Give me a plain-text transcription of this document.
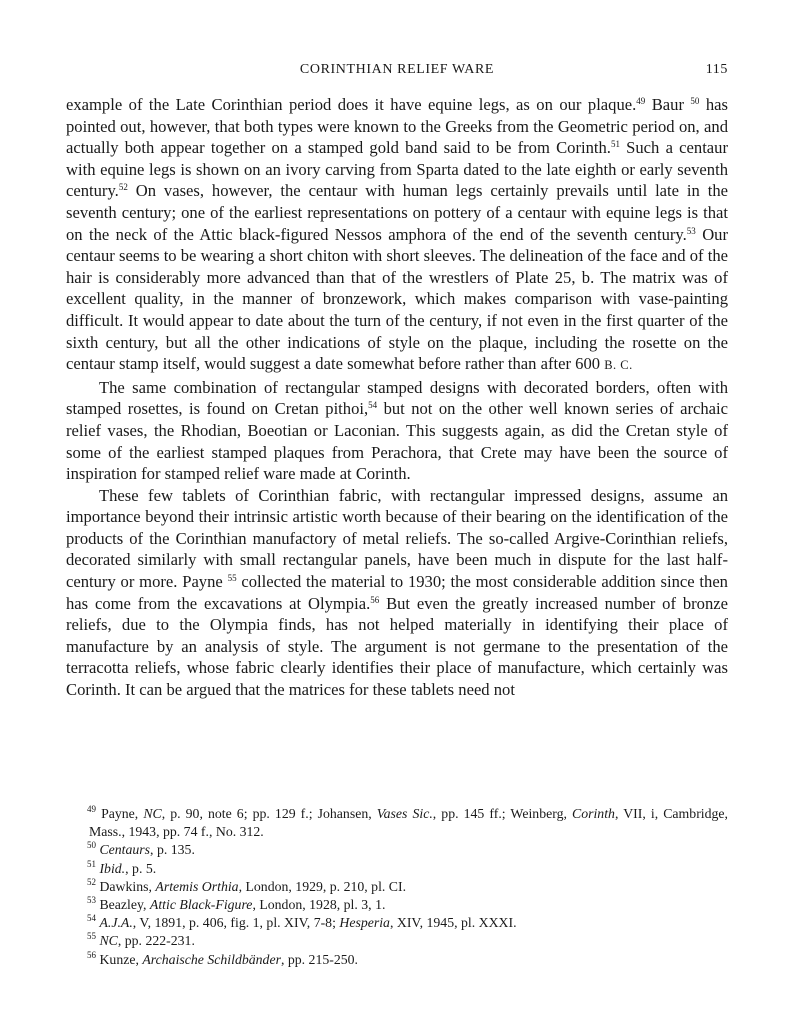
CORINTHIAN RELIEF WARE	115

example of the Late Corinthian period does it have equine legs, as on our plaque.$^{49}$ Baur $^{50}$ has pointed out, however, that both types were known to the Greeks from the Geometric period on, and actually both appear together on a stamped gold band said to be from Corinth.$^{51}$ Such a centaur with equine legs is shown on an ivory carving from Sparta dated to the late eighth or early seventh century.$^{52}$ On vases, however, the centaur with human legs certainly prevails until late in the seventh century; one of the earliest representations on pottery of a centaur with equine legs is that on the neck of the Attic black-figured Nessos amphora of the end of the seventh century.$^{53}$ Our centaur seems to be wearing a short chiton with short sleeves. The delineation of the face and of the hair is considerably more advanced than that of the wrestlers of Plate 25, b. The matrix was of excellent quality, in the manner of bronzework, which makes comparison with vase-painting difficult. It would appear to date about the turn of the century, if not even in the first quarter of the sixth century, but all the other indications of style on the plaque, including the rosette on the centaur stamp itself, would suggest a date somewhat before rather than after 600 B. C.

The same combination of rectangular stamped designs with decorated borders, often with stamped rosettes, is found on Cretan pithoi,$^{54}$ but not on the other well known series of archaic relief vases, the Rhodian, Boeotian or Laconian. This suggests again, as did the Cretan style of some of the earliest stamped plaques from Perachora, that Crete may have been the source of inspiration for stamped relief ware made at Corinth.

These few tablets of Corinthian fabric, with rectangular impressed designs, assume an importance beyond their intrinsic artistic worth because of their bearing on the identification of the products of the Corinthian manufactory of metal reliefs. The so-called Argive-Corinthian reliefs, decorated similarly with small rectangular panels, have been much in dispute for the last half-century or more. Payne $^{55}$ collected the material to 1930; the most considerable addition since then has come from the excavations at Olympia.$^{56}$ But even the greatly increased number of bronze reliefs, due to the Olympia finds, has not helped materially in identifying their place of manufacture by an analysis of style. The argument is not germane to the presentation of the terracotta reliefs, whose fabric clearly identifies their place of manufacture, which certainly was Corinth. It can be argued that the matrices for these tablets need not

$^{49}$ Payne, NC, p. 90, note 6; pp. 129 f.; Johansen, Vases Sic., pp. 145 ff.; Weinberg, Corinth, VII, i, Cambridge, Mass., 1943, pp. 74 f., No. 312.

$^{50}$ Centaurs, p. 135.

$^{51}$ Ibid., p. 5.

$^{52}$ Dawkins, Artemis Orthia, London, 1929, p. 210, pl. CI.

$^{53}$ Beazley, Attic Black-Figure, London, 1928, pl. 3, 1.

$^{54}$ A.J.A., V, 1891, p. 406, fig. 1, pl. XIV, 7-8; Hesperia, XIV, 1945, pl. XXXI.

$^{55}$ NC, pp. 222-231.

$^{56}$ Kunze, Archaische Schildbänder, pp. 215-250.
